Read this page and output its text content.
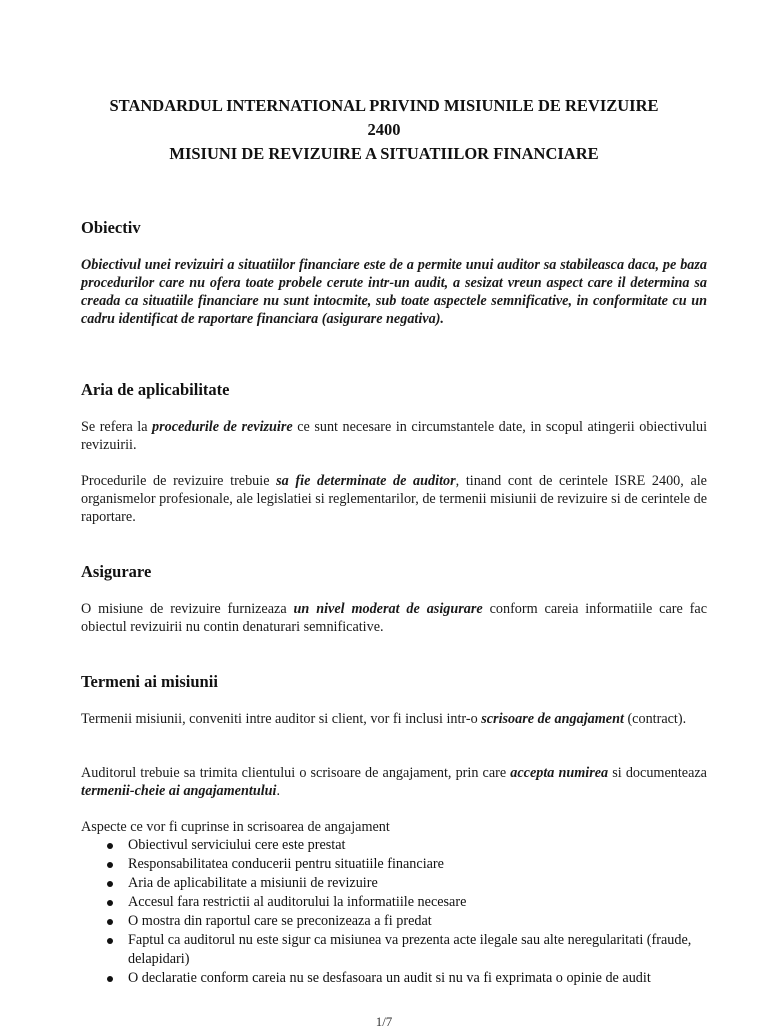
STANDARDUL INTERNATIONAL PRIVIND MISIUNILE DE REVIZUIRE
2400
MISIUNI DE REVIZUIRE A SITUATIILOR FINANCIARE
Obiectiv

Obiectivul unei revizuiri a situatiilor financiare este de a permite unui auditor sa stabileasca daca, pe baza procedurilor care nu ofera toate probele cerute intr-un audit, a sesizat vreun aspect care il determina sa creada ca situatiile financiare nu sunt intocmite, sub toate aspectele semnificative, in conformitate cu un cadru identificat de raportare financiara (asigurare negativa).

Aria de aplicabilitate

Se refera la procedurile de revizuire ce sunt necesare in circumstantele date, in scopul atingerii obiectivului revizuirii.

Procedurile de revizuire trebuie sa fie determinate de auditor, tinand cont de cerintele ISRE 2400, ale organismelor profesionale, ale legislatiei si reglementarilor, de termenii misiunii de revizuire si de cerintele de raportare.

Asigurare

O misiune de revizuire furnizeaza un nivel moderat de asigurare conform careia informatiile care fac obiectul revizuirii nu contin denaturari semnificative.

Termeni ai misiunii

Termenii misiunii, conveniti intre auditor si client, vor fi inclusi intr-o scrisoare de angajament (contract).

Auditorul trebuie sa trimita clientului o scrisoare de angajament, prin care accepta numirea si documenteaza termenii-cheie ai angajamentului.

Aspecte ce vor fi cuprinse in scrisoarea de angajament

Obiectivul serviciului cere este prestat
Responsabilitatea conducerii pentru situatiile financiare
Aria de aplicabilitate a misiunii de revizuire
Accesul fara restrictii al auditorului la informatiile necesare
O mostra din raportul care se preconizeaza a fi predat
Faptul ca auditorul nu este sigur ca misiunea va prezenta acte ilegale sau alte neregularitati (fraude, delapidari)
O declaratie conform careia nu se desfasoara un audit si nu va fi exprimata o opinie de audit
1/7
